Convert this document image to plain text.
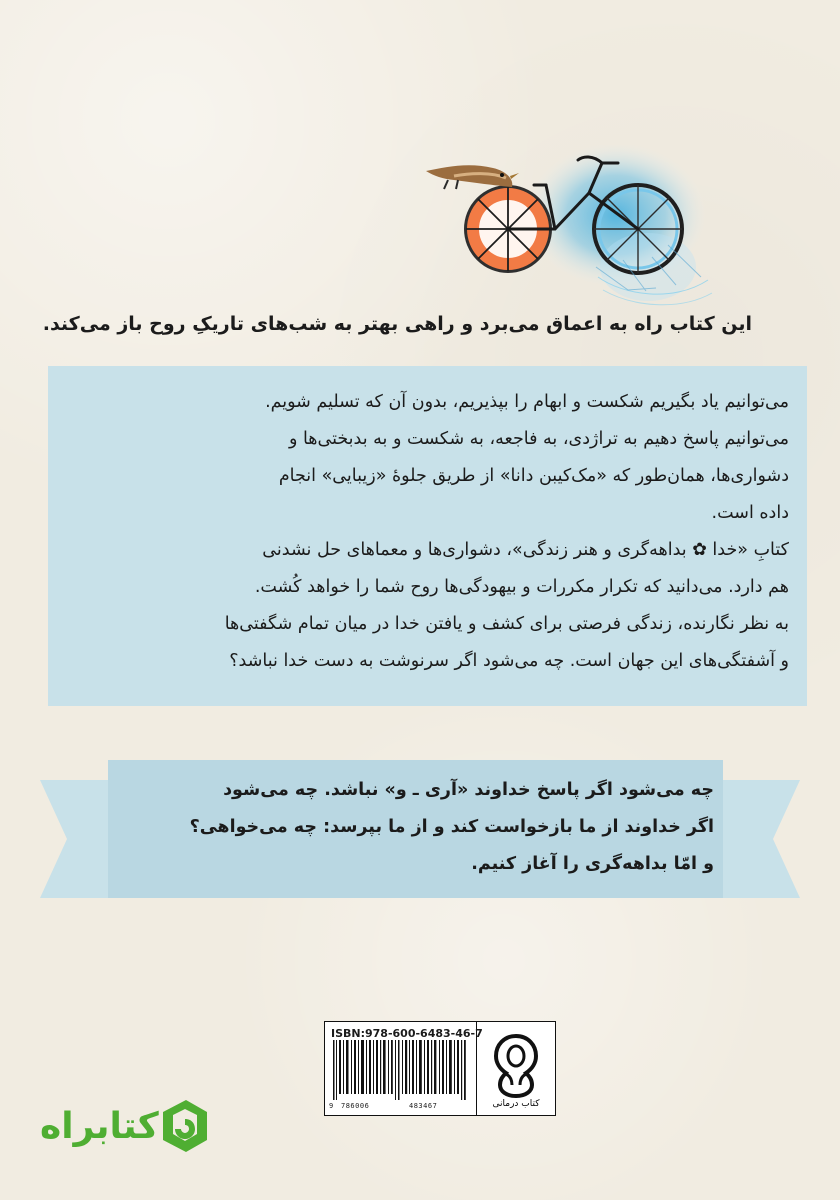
این کتاب راه به اعماق می‌برد و راهی بهتر به شب‌های تاریکِ روح باز می‌کند.

می‌توانیم یاد بگیریم شکست و ابهام را بپذیریم، بدون آن که تسلیم شویم.

می‌توانیم پاسخ دهیم به تراژدی، به فاجعه، به شکست و به بدبختی‌ها و

دشواری‌ها، همان‌طور که «مک‌کیبن دانا» از طریق جلوهٔ «زیبایی» انجام

داده است.

کتابِ «خدا ✿ بداهه‌گری و هنر زندگی»، دشواری‌ها و معماهای حل نشدنی

هم دارد. می‌دانید که تکرار مکررات و بیهودگی‌ها روح شما را خواهد کُشت.

به نظر نگارنده، زندگی فرصتی برای کشف و یافتن خدا در میان تمام شگفتی‌ها

و آشفتگی‌های این جهان است. چه می‌شود اگر سرنوشت به دست خدا نباشد؟

چه می‌شود اگر پاسخ خداوند «آری ـ و» نباشد. چه می‌شود

اگر خداوند از ما بازخواست کند و از ما بپرسد: چه می‌خواهی؟

و امّا بداهه‌گری را آغاز کنیم.

ISBN:978-600-6483-46-7
9 786006	483467	کتاب درمانی
کتابراه
